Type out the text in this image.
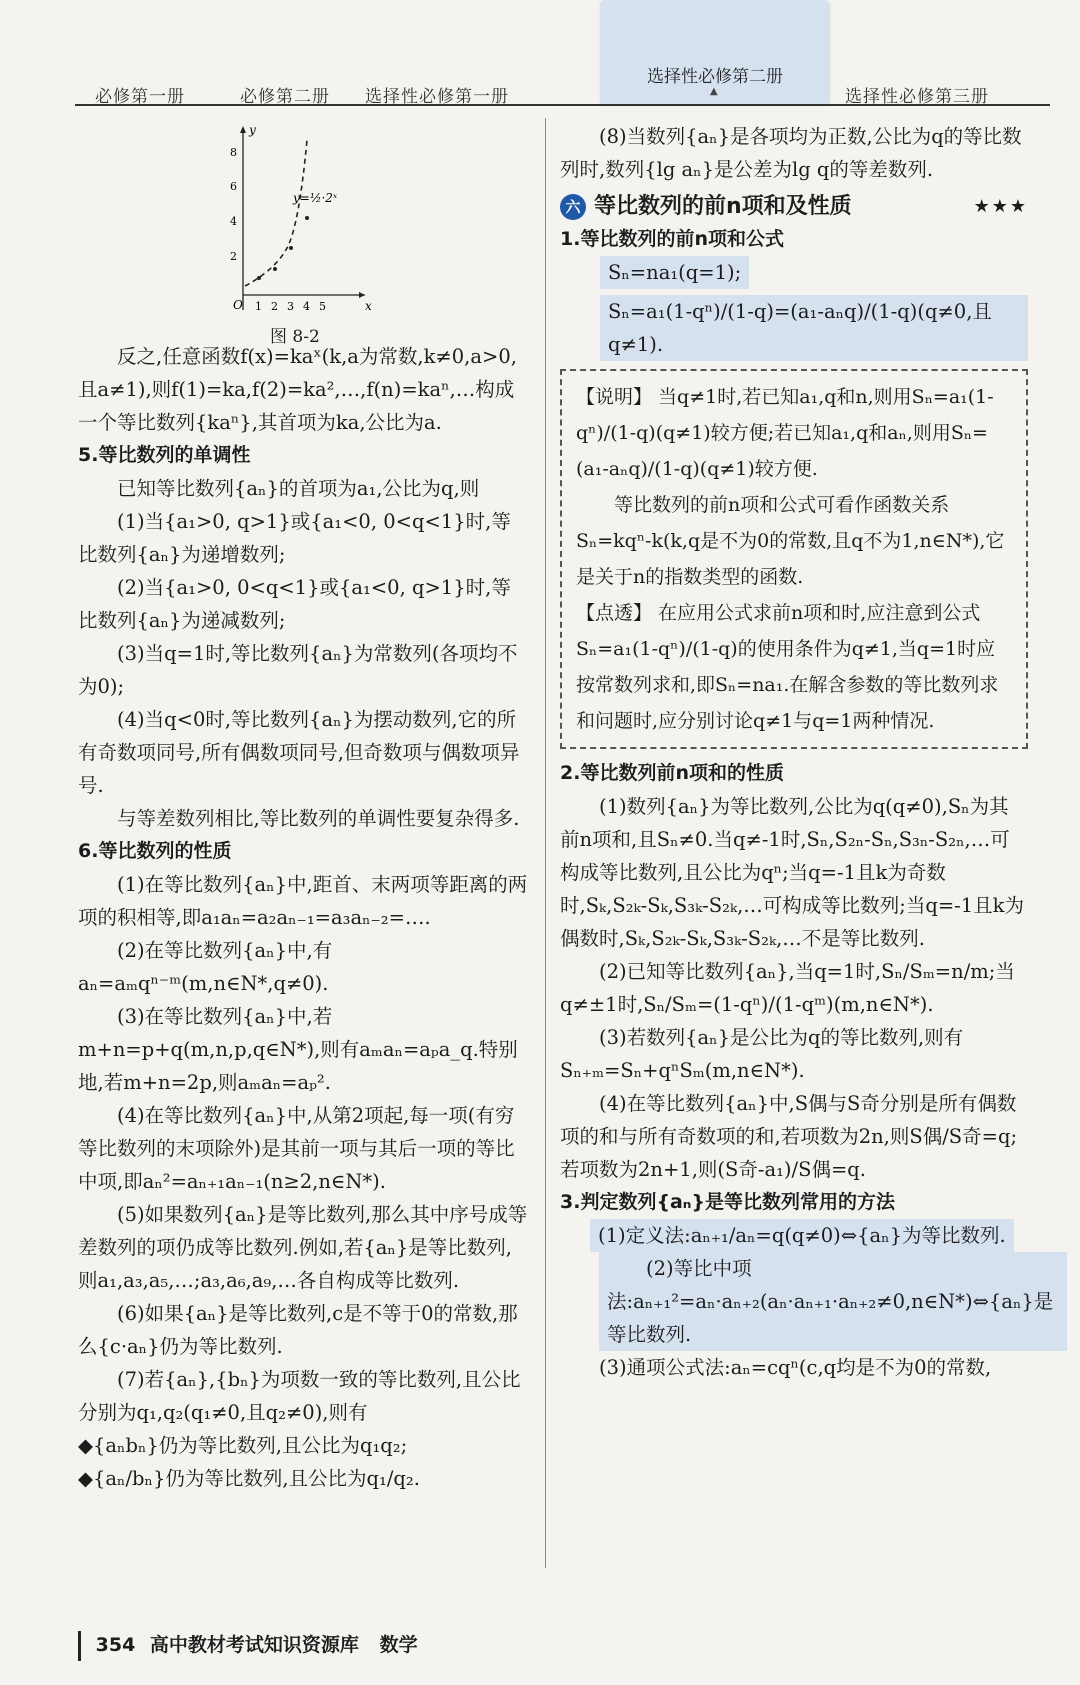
选择性必修第二册
▲
必修第一册	必修第二册 选择性必修第一册	选择性必修第三册
y
x
O
2
4
6
8
1 2 3 4 5
y=½·2ˣ
图 8-2

反之,任意函数f(x)=kaˣ(k,a为常数,k≠0,a>0,且a≠1),则f(1)=ka,f(2)=ka²,…,f(n)=kaⁿ,…构成一个等比数列{kaⁿ},其首项为ka,公比为a.

5.等比数列的单调性

已知等比数列{aₙ}的首项为a₁,公比为q,则

(1)当{a₁>0, q>1}或{a₁<0, 0<q<1}时,等比数列{aₙ}为递增数列;

(2)当{a₁>0, 0<q<1}或{a₁<0, q>1}时,等比数列{aₙ}为递减数列;

(3)当q=1时,等比数列{aₙ}为常数列(各项均不为0);

(4)当q<0时,等比数列{aₙ}为摆动数列,它的所有奇数项同号,所有偶数项同号,但奇数项与偶数项异号.

与等差数列相比,等比数列的单调性要复杂得多.

6.等比数列的性质

(1)在等比数列{aₙ}中,距首、末两项等距离的两项的积相等,即a₁aₙ=a₂aₙ₋₁=a₃aₙ₋₂=….

(2)在等比数列{aₙ}中,有aₙ=aₘqⁿ⁻ᵐ(m,n∈N*,q≠0).

(3)在等比数列{aₙ}中,若m+n=p+q(m,n,p,q∈N*),则有aₘaₙ=aₚa_q.特别地,若m+n=2p,则aₘaₙ=aₚ².

(4)在等比数列{aₙ}中,从第2项起,每一项(有穷等比数列的末项除外)是其前一项与其后一项的等比中项,即aₙ²=aₙ₊₁aₙ₋₁(n≥2,n∈N*).

(5)如果数列{aₙ}是等比数列,那么其中序号成等差数列的项仍成等比数列.例如,若{aₙ}是等比数列,则a₁,a₃,a₅,…;a₃,a₆,a₉,…各自构成等比数列.

(6)如果{aₙ}是等比数列,c是不等于0的常数,那么{c·aₙ}仍为等比数列.

(7)若{aₙ},{bₙ}为项数一致的等比数列,且公比分别为q₁,q₂(q₁≠0,且q₂≠0),则有

◆{aₙbₙ}仍为等比数列,且公比为q₁q₂;

◆{aₙ/bₙ}仍为等比数列,且公比为q₁/q₂.

(8)当数列{aₙ}是各项均为正数,公比为q的等比数列时,数列{lg aₙ}是公差为lg q的等差数列.

六 等比数列的前n项和及性质	★★★

1.等比数列的前n项和公式

Sₙ=na₁(q=1);

Sₙ=a₁(1-qⁿ)/(1-q)=(a₁-aₙq)/(1-q)(q≠0,且q≠1).

【说明】 当q≠1时,若已知a₁,q和n,则用Sₙ=a₁(1-qⁿ)/(1-q)(q≠1)较方便;若已知a₁,q和aₙ,则用Sₙ=(a₁-aₙq)/(1-q)(q≠1)较方便.

等比数列的前n项和公式可看作函数关系Sₙ=kqⁿ-k(k,q是不为0的常数,且q不为1,n∈N*),它是关于n的指数类型的函数.

【点透】 在应用公式求前n项和时,应注意到公式Sₙ=a₁(1-qⁿ)/(1-q)的使用条件为q≠1,当q=1时应按常数列求和,即Sₙ=na₁.在解含参数的等比数列求和问题时,应分别讨论q≠1与q=1两种情况.

2.等比数列前n项和的性质

(1)数列{aₙ}为等比数列,公比为q(q≠0),Sₙ为其前n项和,且Sₙ≠0.当q≠-1时,Sₙ,S₂ₙ-Sₙ,S₃ₙ-S₂ₙ,…可构成等比数列,且公比为qⁿ;当q=-1且k为奇数时,Sₖ,S₂ₖ-Sₖ,S₃ₖ-S₂ₖ,…可构成等比数列;当q=-1且k为偶数时,Sₖ,S₂ₖ-Sₖ,S₃ₖ-S₂ₖ,…不是等比数列.

(2)已知等比数列{aₙ},当q=1时,Sₙ/Sₘ=n/m;当q≠±1时,Sₙ/Sₘ=(1-qⁿ)/(1-qᵐ)(m,n∈N*).

(3)若数列{aₙ}是公比为q的等比数列,则有Sₙ₊ₘ=Sₙ+qⁿSₘ(m,n∈N*).

(4)在等比数列{aₙ}中,S偶与S奇分别是所有偶数项的和与所有奇数项的和,若项数为2n,则S偶/S奇=q;若项数为2n+1,则(S奇-a₁)/S偶=q.

3.判定数列{aₙ}是等比数列常用的方法

(1)定义法:aₙ₊₁/aₙ=q(q≠0)⇔{aₙ}为等比数列.

(2)等比中项法:aₙ₊₁²=aₙ·aₙ₊₂(aₙ·aₙ₊₁·aₙ₊₂≠0,n∈N*)⇔{aₙ}是等比数列.

(3)通项公式法:aₙ=cqⁿ(c,q均是不为0的常数,

354 高中教材考试知识资源库 数学
